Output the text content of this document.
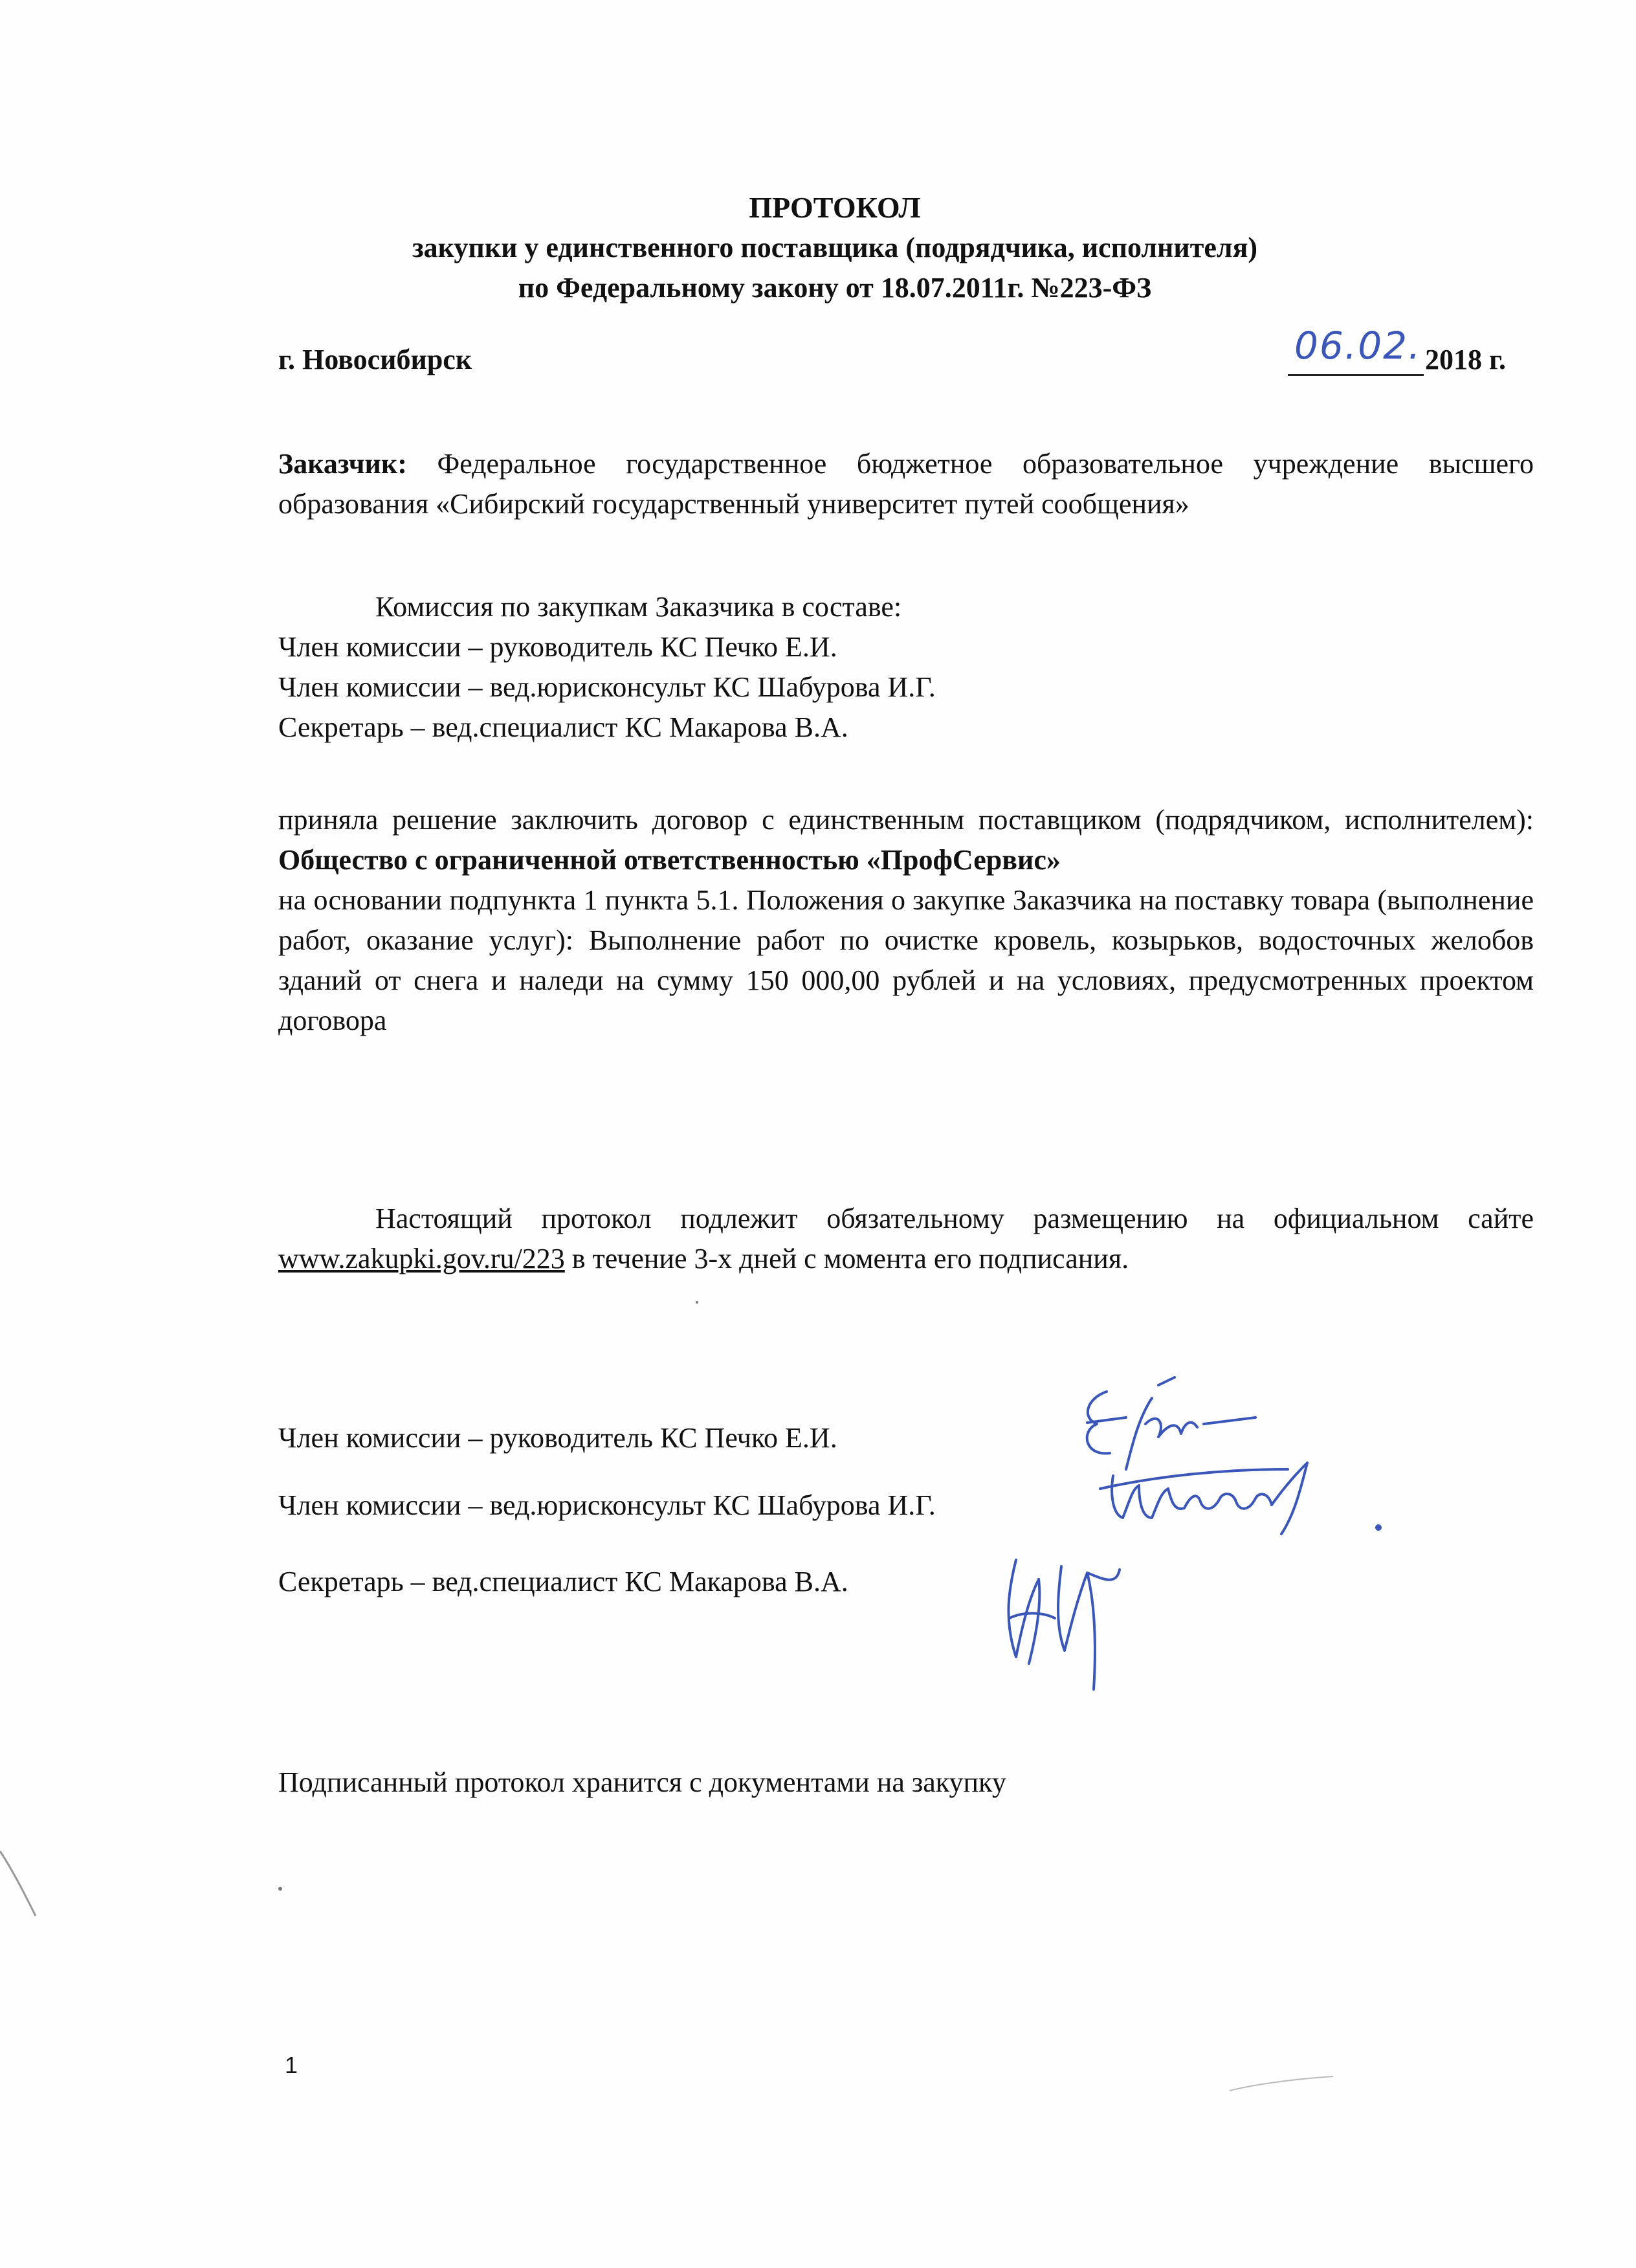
ПРОТОКОЛ
закупки у единственного поставщика (подрядчика, исполнителя)
по Федеральному закону от 18.07.2011г. №223-ФЗ
г. Новосибирск	06.02. 2018 г.

Заказчик: Федеральное государственное бюджетное образовательное учреждение высшего образования «Сибирский государственный университет путей сообщения»

Комиссия по закупкам Заказчика в составе:
Член комиссии – руководитель КС Печко Е.И.
Член комиссии – вед.юрисконсульт КС Шабурова И.Г.
Секретарь – вед.специалист КС Макарова В.А.

приняла решение заключить договор с единственным поставщиком (подрядчиком, исполнителем): Общество с ограниченной ответственностью «ПрофСервис»

на основании подпункта 1 пункта 5.1. Положения о закупке Заказчика на поставку товара (выполнение работ, оказание услуг): Выполнение работ по очистке кровель, козырьков, водосточных желобов зданий от снега и наледи на сумму 150 000,00 рублей и на условиях, предусмотренных проектом договора

Настоящий протокол подлежит обязательному размещению на официальном сайте www.zakupki.gov.ru/223 в течение 3-х дней с момента его подписания.

Член комиссии – руководитель КС Печко Е.И.
Член комиссии – вед.юрисконсульт КС Шабурова И.Г.
Секретарь – вед.специалист КС Макарова В.А.
Подписанный протокол хранится с документами на закупку
1
